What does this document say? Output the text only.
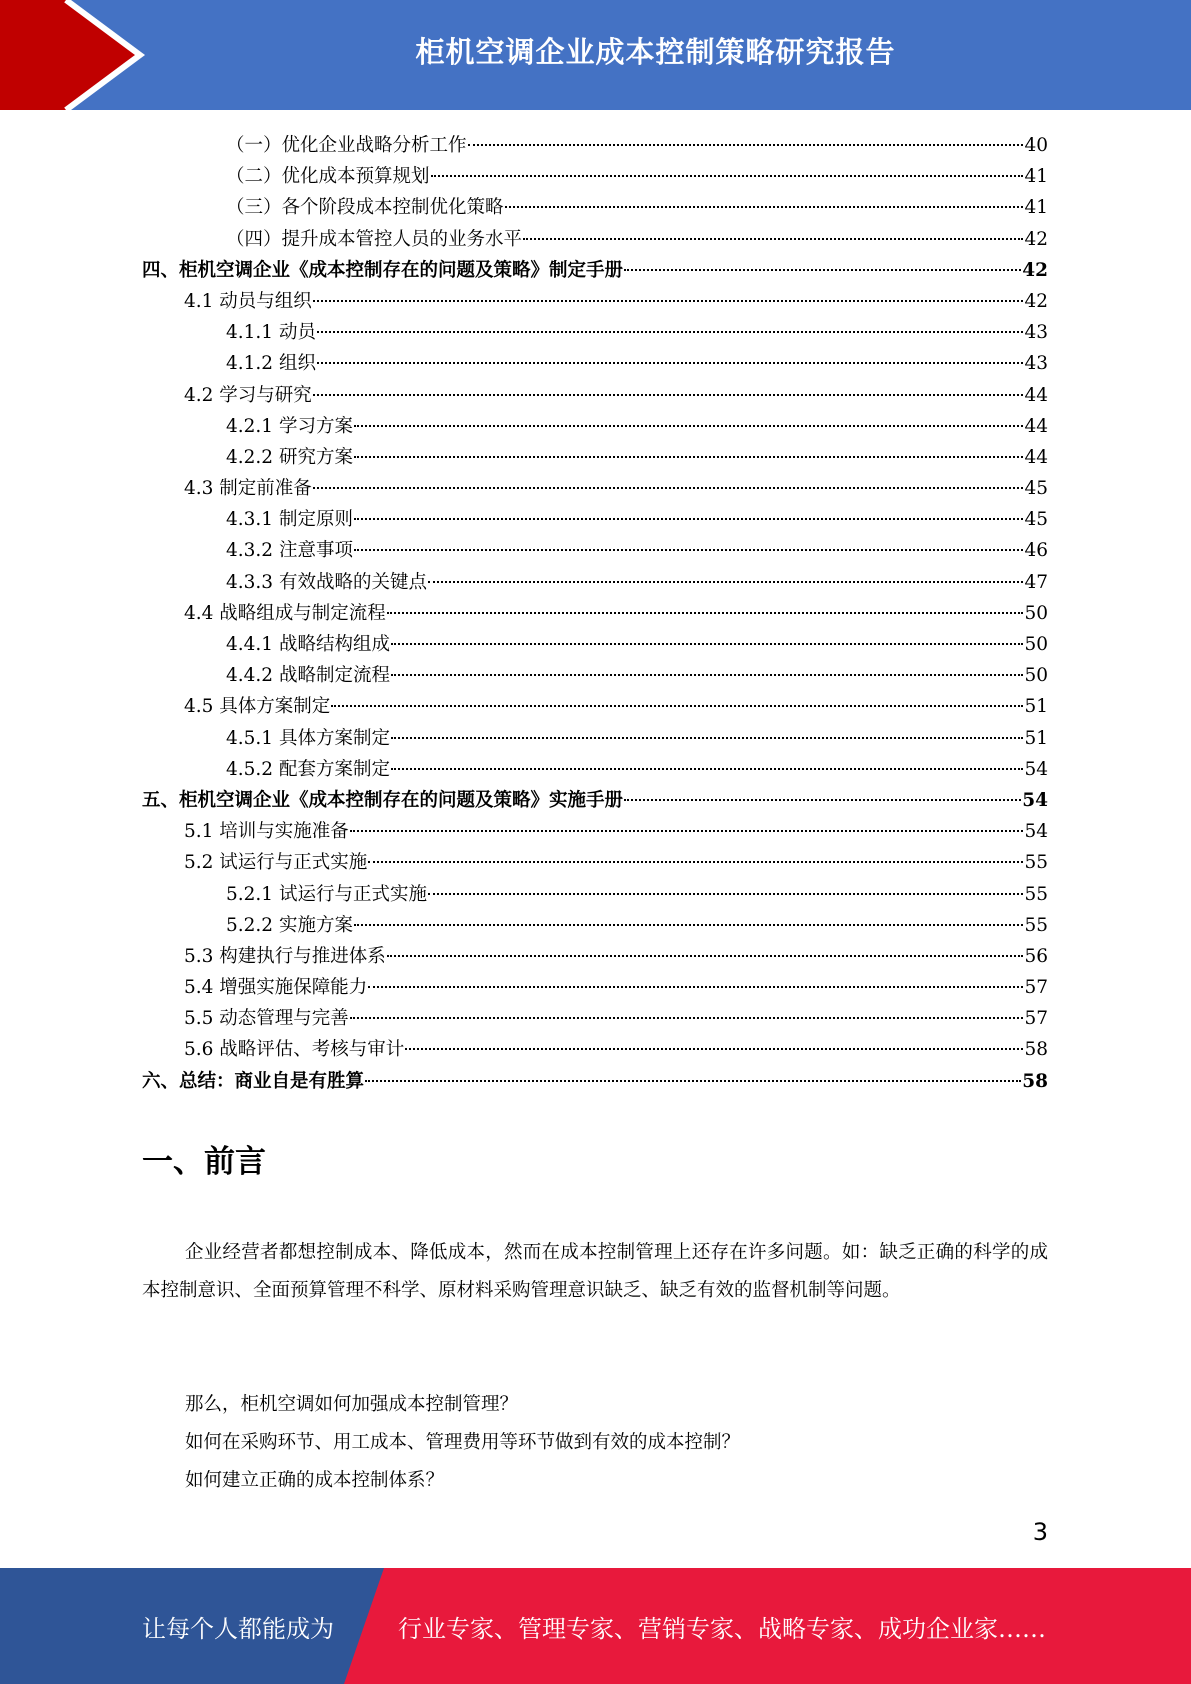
柜机空调企业成本控制策略研究报告
（一）优化企业战略分析工作	40
（二）优化成本预算规划	41
（三）各个阶段成本控制优化策略	41
（四）提升成本管控人员的业务水平	42
四、柜机空调企业《成本控制存在的问题及策略》制定手册	42
4.1 动员与组织	42
4.1.1 动员	43
4.1.2 组织	43
4.2 学习与研究	44
4.2.1 学习方案	44
4.2.2 研究方案	44
4.3 制定前准备	45
4.3.1 制定原则	45
4.3.2 注意事项	46
4.3.3 有效战略的关键点	47
4.4 战略组成与制定流程	50
4.4.1 战略结构组成	50
4.4.2 战略制定流程	50
4.5 具体方案制定	51
4.5.1 具体方案制定	51
4.5.2 配套方案制定	54
五、柜机空调企业《成本控制存在的问题及策略》实施手册	54
5.1 培训与实施准备	54
5.2 试运行与正式实施	55
5.2.1 试运行与正式实施	55
5.2.2 实施方案	55
5.3 构建执行与推进体系	56
5.4 增强实施保障能力	57
5.5 动态管理与完善	57
5.6 战略评估、考核与审计	58
六、总结：商业自是有胜算	58
一、前言
企业经营者都想控制成本、降低成本，然而在成本控制管理上还存在许多问题。如：缺乏正确的科学的成本控制意识、全面预算管理不科学、原材料采购管理意识缺乏、缺乏有效的监督机制等问题。
那么，柜机空调如何加强成本控制管理？
如何在采购环节、用工成本、管理费用等环节做到有效的成本控制？
如何建立正确的成本控制体系？
3
让每个人都能成为	行业专家、管理专家、营销专家、战略专家、成功企业家……
